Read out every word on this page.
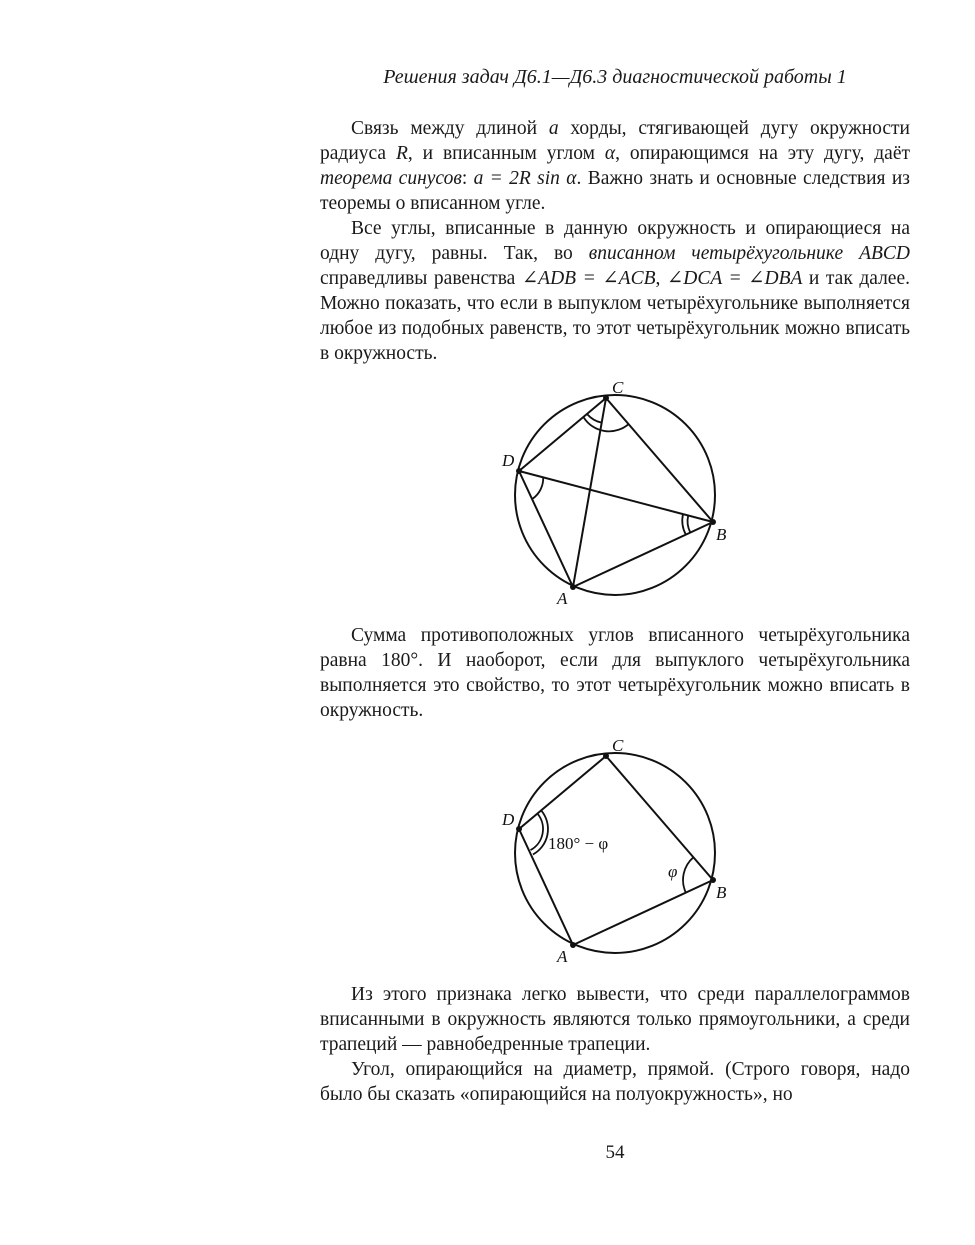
Решения задач Д6.1—Д6.3 диагностической работы 1

Связь между длиной a хорды, стягивающей дугу окружности радиуса R, и вписанным углом α, опирающимся на эту дугу, даёт теорема синусов: a = 2R sin α. Важно знать и основные следствия из теоремы о вписанном угле.

Все углы, вписанные в данную окружность и опирающиеся на одну дугу, равны. Так, во вписанном четырёхугольнике ABCD справедливы равенства ∠ADB = ∠ACB, ∠DCA = ∠DBA и так далее. Можно показать, что если в выпуклом четырёхугольнике выполняется любое из подобных равенств, то этот четырёхугольник можно вписать в окружность.

C
D
B
A

Сумма противоположных углов вписанного четырёхугольника равна 180°. И наоборот, если для выпуклого четырёхугольника выполняется это свойство, то этот четырёхугольник можно вписать в окружность.

C
D
B
A
180° − φ
φ

Из этого признака легко вывести, что среди параллелограммов вписанными в окружность являются только прямоугольники, а среди трапеций — равнобедренные трапеции.

Угол, опирающийся на диаметр, прямой. (Строго говоря, надо было бы сказать «опирающийся на полуокружность», но

54
